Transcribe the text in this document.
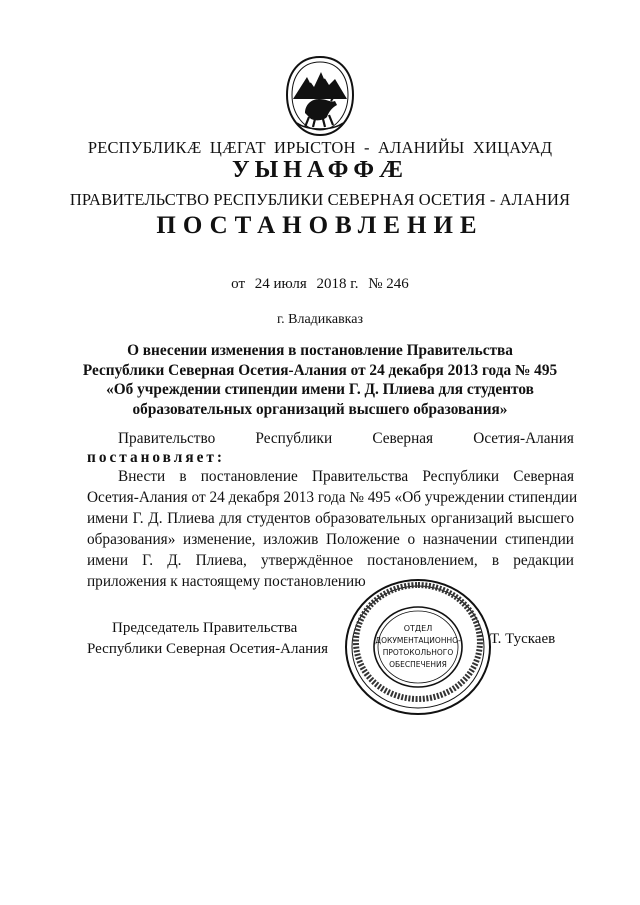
РЕСПУБЛИКÆ ЦÆГАТ ИРЫСТОН - АЛАНИЙЫ ХИЦАУАД
УЫНАФФÆ
ПРАВИТЕЛЬСТВО РЕСПУБЛИКИ СЕВЕРНАЯ ОСЕТИЯ - АЛАНИЯ
ПОСТАНОВЛЕНИЕ
от 24 июля 2018 г. № 246
г. Владикавказ
О внесении изменения в постановление Правительства
Республики Северная Осетия-Алания от 24 декабря 2013 года № 495
«Об учреждении стипендии имени Г. Д. Плиева для студентов
образовательных организаций высшего образования»
Правительство	Республики	Северная	Осетия-Алания
постановляет:
Внести в постановление Правительства Республики Северная
Осетия-Алания от 24 декабря 2013 года № 495 «Об учреждении стипендии
имени Г. Д. Плиева для студентов образовательных организаций высшего
образования» изменение, изложив Положение о назначении стипендии
имени Г. Д. Плиева, утверждённое постановлением, в редакции
приложения к настоящему постановлению
Председатель Правительства
Республики Северная Осетия-Алания
ОТДЕЛ
ДОКУМЕНТАЦИОННО-
ПРОТОКОЛЬНОГО
ОБЕСПЕЧЕНИЯ
Т. Тускаев
